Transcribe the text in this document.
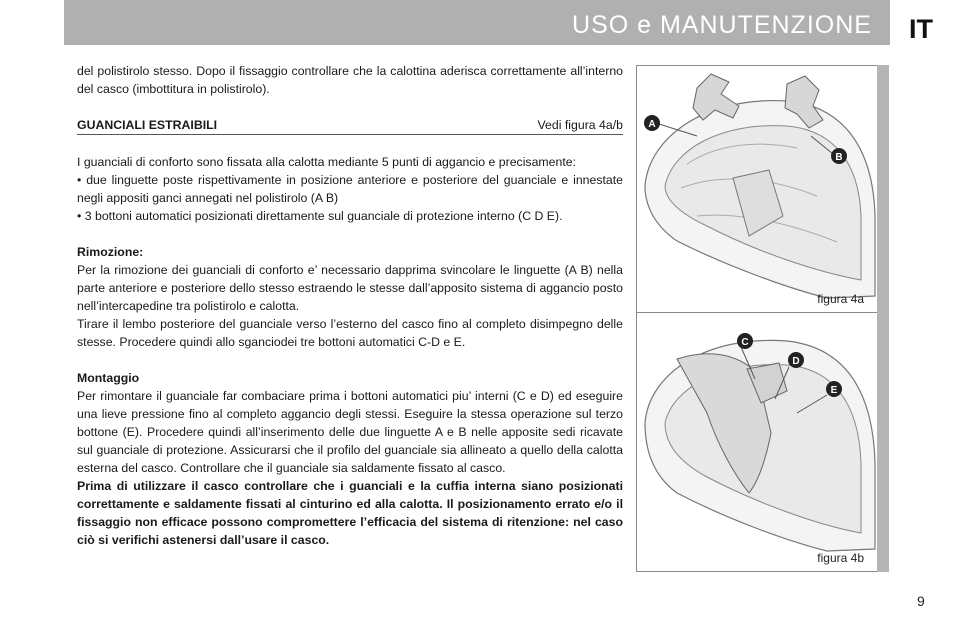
USO e MANUTENZIONE IT

del polistirolo stesso. Dopo il fissaggio controllare che la calottina aderisca correttamente all’interno del casco (imbottitura in polistirolo).

GUANCIALI ESTRAIBILI	Vedi figura 4a/b

I guanciali di conforto sono fissata alla calotta mediante 5 punti di aggancio e precisamente:

• due linguette poste rispettivamente in posizione anteriore e posteriore del guanciale e innestate negli appositi ganci annegati nel polistirolo (A B)

• 3 bottoni automatici posizionati direttamente sul guanciale di protezione interno (C D E).

Rimozione:

Per la rimozione dei guanciali di conforto e’ necessario dapprima svincolare le linguette (A B) nella parte anteriore e posteriore dello stesso estraendo le stesse dall’apposito sistema di aggancio posto nell’intercapedine tra polistirolo e calotta.

Tirare il lembo posteriore del guanciale verso l’esterno del casco fino al completo disimpegno delle stesse. Procedere quindi allo sganciodei tre bottoni automatici C-D e E.

Montaggio

Per rimontare il guanciale far combaciare prima i bottoni automatici piu’ interni (C e D) ed eseguire una lieve pressione fino al completo aggancio degli stessi. Eseguire la stessa operazione sul terzo bottone (E). Procedere quindi all’inserimento delle due linguette A e B nelle apposite sedi ricavate sul guanciale di protezione. Assicurarsi che il profilo del guanciale sia allineato a quello della calotta esterna del casco. Controllare che il guanciale sia saldamente fissato al casco.

Prima di utilizzare il casco controllare che i guanciali e la cuffia interna siano posizionati correttamente e saldamente fissati al cinturino ed alla calotta. Il posizionamento errato e/o il fissaggio non efficace possono compromettere l’efficacia del sistema di ritenzione: nel caso ciò si verifichi astenersi dall’usare il casco.

A
B
figura 4a
C
D
E
figura 4b
9
